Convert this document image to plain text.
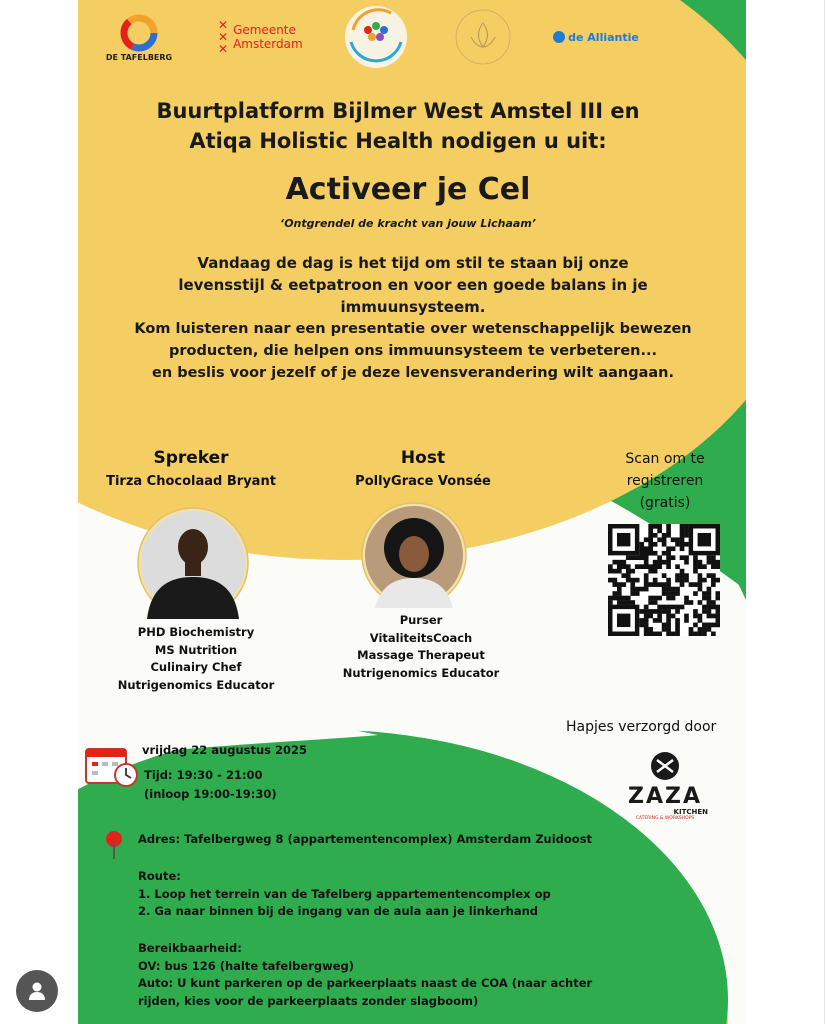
DE TAFELBERG
✕
✕
✕
Gemeente
Amsterdam	de Alliantie
Buurtplatform Bijlmer West Amstel III en
Atiqa Holistic Health nodigen u uit:
Activeer je Cel
‘Ontgrendel de kracht van jouw Lichaam’
Vandaag de dag is het tijd om stil te staan bij onze
levensstijl & eetpatroon en voor een goede balans in je
immuunsysteem.
Kom luisteren naar een presentatie over wetenschappelijk bewezen
producten, die helpen ons immuunsysteem te verbeteren...
en beslis voor jezelf of je deze levensverandering wilt aangaan.
Spreker
Tirza Chocolaad Bryant
PHD Biochemistry
MS Nutrition
Culinairy Chef
Nutrigenomics Educator
Host
PollyGrace Vonsée
Purser
VitaliteitsCoach
Massage Therapeut
Nutrigenomics Educator
Scan om te
registreren
(gratis)
Hapjes verzorgd door
ZAZA
KITCHEN
CATERING & WORKSHOPS
vrijdag 22 augustus 2025
Tijd: 19:30 - 21:00
(inloop 19:00-19:30)
Adres: Tafelbergweg 8 (appartementencomplex) Amsterdam Zuidoost
Route:
1. Loop het terrein van de Tafelberg appartementencomplex op
2. Ga naar binnen bij de ingang van de aula aan je linkerhand
Bereikbaarheid:
OV: bus 126 (halte tafelbergweg)
Auto: U kunt parkeren op de parkeerplaats naast de COA (naar achter
rijden, kies voor de parkeerplaats zonder slagboom)
